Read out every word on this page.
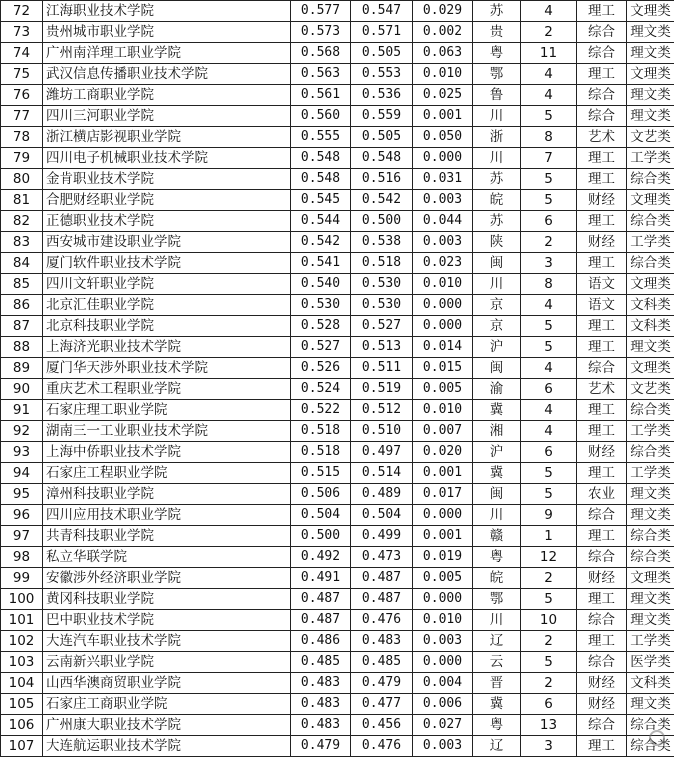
72	江海职业技术学院	0.577	0.547	0.029	苏	4	理工	文理类
73	贵州城市职业学院	0.573	0.571	0.002	贵	2	综合	理文类
74	广州南洋理工职业学院	0.568	0.505	0.063	粤	11	综合	理文类
75	武汉信息传播职业技术学院	0.563	0.553	0.010	鄂	4	理工	文理类
76	潍坊工商职业学院	0.561	0.536	0.025	鲁	4	综合	理文类
77	四川三河职业学院	0.560	0.559	0.001	川	5	综合	理文类
78	浙江横店影视职业学院	0.555	0.505	0.050	浙	8	艺术	文艺类
79	四川电子机械职业技术学院	0.548	0.548	0.000	川	7	理工	工学类
80	金肯职业技术学院	0.548	0.516	0.031	苏	5	理工	综合类
81	合肥财经职业学院	0.545	0.542	0.003	皖	5	财经	文理类
82	正德职业技术学院	0.544	0.500	0.044	苏	6	理工	综合类
83	西安城市建设职业学院	0.542	0.538	0.003	陕	2	财经	工学类
84	厦门软件职业技术学院	0.541	0.518	0.023	闽	3	理工	综合类
85	四川文轩职业学院	0.540	0.530	0.010	川	8	语文	文理类
86	北京汇佳职业学院	0.530	0.530	0.000	京	4	语文	文科类
87	北京科技职业学院	0.528	0.527	0.000	京	5	理工	文科类
88	上海济光职业技术学院	0.527	0.513	0.014	沪	5	理工	理文类
89	厦门华天涉外职业技术学院	0.526	0.511	0.015	闽	4	综合	文理类
90	重庆艺术工程职业学院	0.524	0.519	0.005	渝	6	艺术	文艺类
91	石家庄理工职业学院	0.522	0.512	0.010	冀	4	理工	综合类
92	湖南三一工业职业技术学院	0.518	0.510	0.007	湘	4	理工	工学类
93	上海中侨职业技术学院	0.518	0.497	0.020	沪	6	财经	综合类
94	石家庄工程职业学院	0.515	0.514	0.001	冀	5	理工	工学类
95	漳州科技职业学院	0.506	0.489	0.017	闽	5	农业	理文类
96	四川应用技术职业学院	0.504	0.504	0.000	川	9	综合	理文类
97	共青科技职业学院	0.500	0.499	0.001	赣	1	理工	综合类
98	私立华联学院	0.492	0.473	0.019	粤	12	综合	综合类
99	安徽涉外经济职业学院	0.491	0.487	0.005	皖	2	财经	文理类
100	黄冈科技职业学院	0.487	0.487	0.000	鄂	5	理工	理文类
101	巴中职业技术学院	0.487	0.476	0.010	川	10	综合	理文类
102	大连汽车职业技术学院	0.486	0.483	0.003	辽	2	理工	工学类
103	云南新兴职业学院	0.485	0.485	0.000	云	5	综合	医学类
104	山西华澳商贸职业学院	0.483	0.479	0.004	晋	2	财经	文科类
105	石家庄工商职业学院	0.483	0.477	0.006	冀	6	财经	理文类
106	广州康大职业技术学院	0.483	0.456	0.027	粤	13	综合	综合类
107	大连航运职业技术学院	0.479	0.476	0.003	辽	3	理工	综合类
